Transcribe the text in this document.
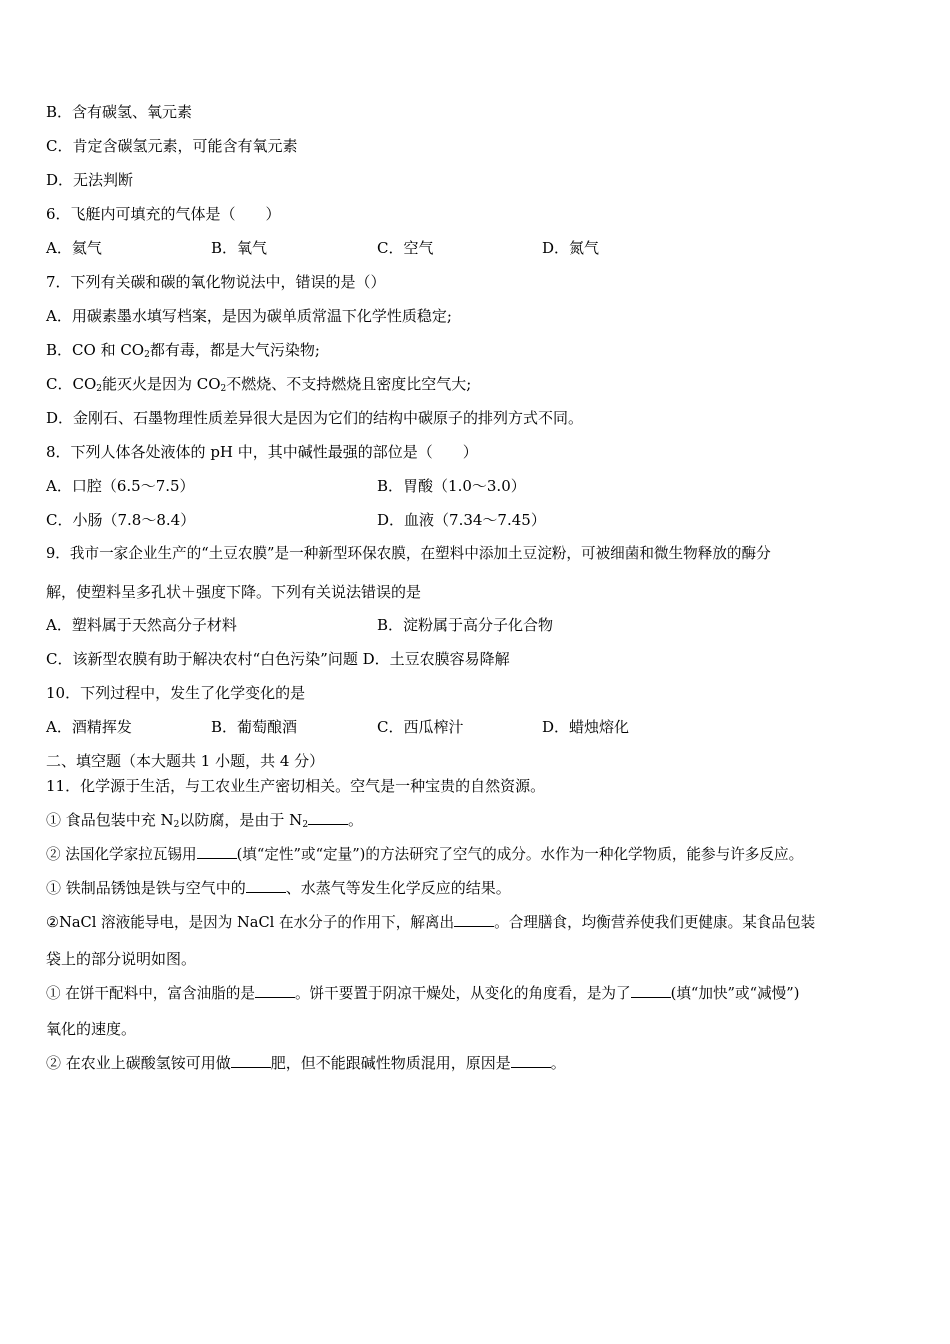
B．含有碳氢、氧元素
C．肯定含碳氢元素，可能含有氧元素
D．无法判断
6．飞艇内可填充的气体是（　　）
A．氦气	B．氧气	C．空气	D．氮气
7．下列有关碳和碳的氧化物说法中，错误的是（）
A．用碳素墨水填写档案，是因为碳单质常温下化学性质稳定;
B．CO 和 $CO_2$都有毒，都是大气污染物;
C．$CO_2$能灭火是因为 $CO_2$不燃烧、不支持燃烧且密度比空气大;
D．金刚石、石墨物理性质差异很大是因为它们的结构中碳原子的排列方式不同。
8．下列人体各处液体的 pH 中，其中碱性最强的部位是（　　）
A．口腔（6.5～7.5）	B．胃酸（1.0～3.0）
C．小肠（7.8～8.4）	D．血液（7.34～7.45）
9．我市一家企业生产的“土豆农膜”是一种新型环保农膜，在塑料中添加土豆淀粉，可被细菌和微生物释放的酶分
解，使塑料呈多孔状＋强度下降。下列有关说法错误的是
A．塑料属于天然高分子材料	B．淀粉属于高分子化合物
C．该新型农膜有助于解决农村“白色污染”问题 D．土豆农膜容易降解
10．下列过程中，发生了化学变化的是
A．酒精挥发	B．葡萄酿酒	C．西瓜榨汁	D．蜡烛熔化
二、填空题（本大题共 1 小题，共 4 分）
11．化学源于生活，与工农业生产密切相关。空气是一种宝贵的自然资源。
① 食品包装中充 $N_2$以防腐，是由于 $N_2$	。
② 法国化学家拉瓦锡用	(填“定性”或“定量”)的方法研究了空气的成分。水作为一种化学物质，能参与许多反应。
① 铁制品锈蚀是铁与空气中的	、水蒸气等发生化学反应的结果。
②NaCl 溶液能导电，是因为 NaCl 在水分子的作用下，解离出	。合理膳食，均衡营养使我们更健康。某食品包装
袋上的部分说明如图。
① 在饼干配料中，富含油脂的是	。饼干要置于阴凉干燥处，从变化的角度看，是为了	(填“加快”或“减慢”)
氧化的速度。
② 在农业上碳酸氢铵可用做	肥，但不能跟碱性物质混用，原因是	。
